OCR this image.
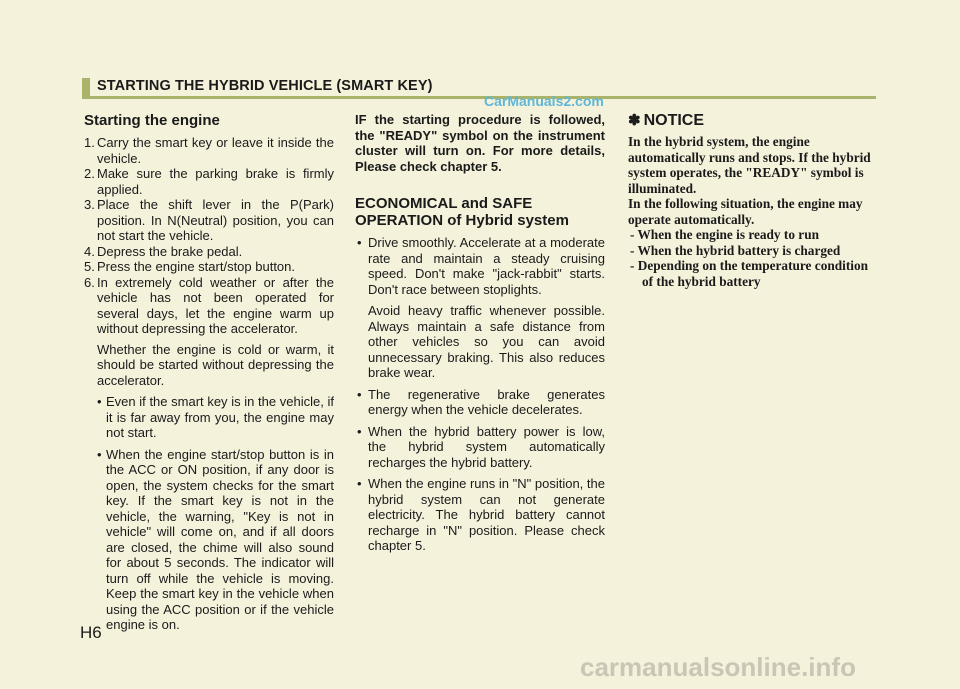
STARTING THE HYBRID VEHICLE (SMART KEY)
CarManuals2.com
Starting the engine
1. Carry the smart key or leave it inside the vehicle.
2. Make sure the parking brake is firmly applied.
3. Place the shift lever in the P(Park) position. In N(Neutral) position, you can not start the vehicle.
4. Depress the brake pedal.
5. Press the engine start/stop button.
6. In extremely cold weather or after the vehicle has not been operated for several days, let the engine warm up without depressing the accelerator.

Whether the engine is cold or warm, it should be started without depressing the accelerator.

• Even if the smart key is in the vehicle, if it is far away from you, the engine may not start.
• When the engine start/stop button is in the ACC or ON position, if any door is open, the system checks for the smart key. If the smart key is not in the vehicle, the warning, "Key is not in vehicle" will come on, and if all doors are closed, the chime will also sound for about 5 seconds. The indicator will turn off while the vehicle is moving. Keep the smart key in the vehicle when using the ACC position or if the vehicle engine is on.

IF the starting procedure is followed, the "READY" symbol on the instrument cluster will turn on. For more details, Please check chapter 5.

ECONOMICAL and SAFE OPERATION of Hybrid system
• Drive smoothly. Accelerate at a moderate rate and maintain a steady cruising speed. Don't make "jack-rabbit" starts. Don't race between stoplights.

Avoid heavy traffic whenever possible. Always maintain a safe distance from other vehicles so you can avoid unnecessary braking. This also reduces brake wear.

• The regenerative brake generates energy when the vehicle decelerates.
• When the hybrid battery power is low, the hybrid system automatically recharges the hybrid battery.
• When the engine runs in "N" position, the hybrid system can not generate electricity. The hybrid battery cannot recharge in "N" position. Please check chapter 5.
✽ NOTICE

In the hybrid system, the engine automatically runs and stops. If the hybrid system operates, the "READY" symbol is illuminated.

In the following situation, the engine may operate automatically.

- When the engine is ready to run

- When the hybrid battery is charged

- Depending on the temperature condition of the hybrid battery

H6
carmanualsonline.info
